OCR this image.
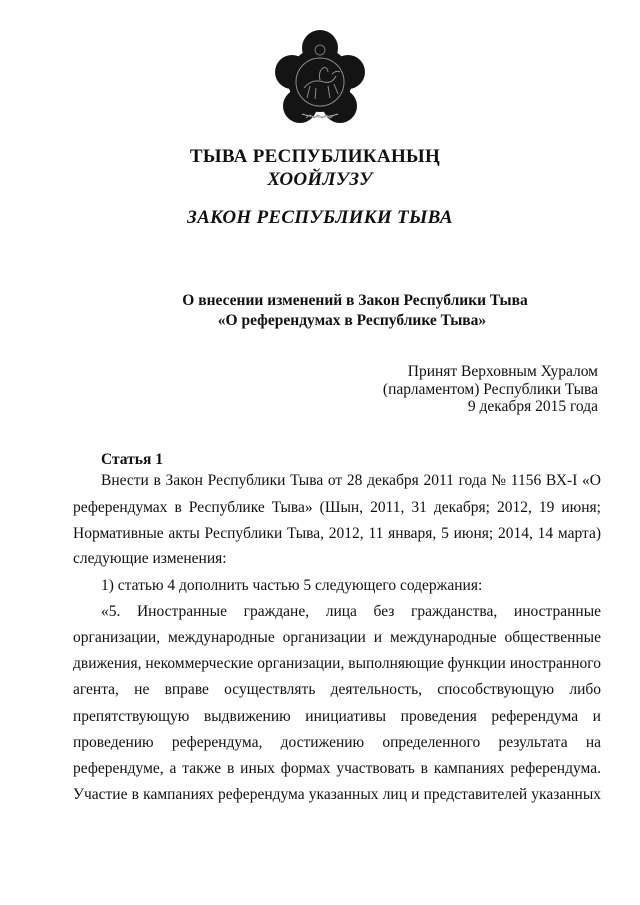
ТЫВА РЕСПУБЛИКАНЫҢ
ХООЙЛУЗУ
ЗАКОН РЕСПУБЛИКИ ТЫВА
О внесении изменений в Закон Республики Тыва
«О референдумах в Республике Тыва»
Принят Верховным Хуралом
(парламентом) Республики Тыва
9 декабря 2015 года
Статья 1
Внести в Закон Республики Тыва от 28 декабря 2011 года № 1156 ВХ-I «О
референдумах в Республике Тыва» (Шын, 2011, 31 декабря; 2012, 19 июня;
Нормативные акты Республики Тыва, 2012, 11 января, 5 июня; 2014, 14 марта)
следующие изменения:
1) статью 4 дополнить частью 5 следующего содержания:
«5. Иностранные граждане, лица без гражданства, иностранные
организации, международные организации и международные общественные
движения, некоммерческие организации, выполняющие функции иностранного
агента, не вправе осуществлять деятельность, способствующую либо
препятствующую выдвижению инициативы проведения референдума и
проведению референдума, достижению определенного результата на
референдуме, а также в иных формах участвовать в кампаниях референдума.
Участие в кампаниях референдума указанных лиц и представителей указанных
